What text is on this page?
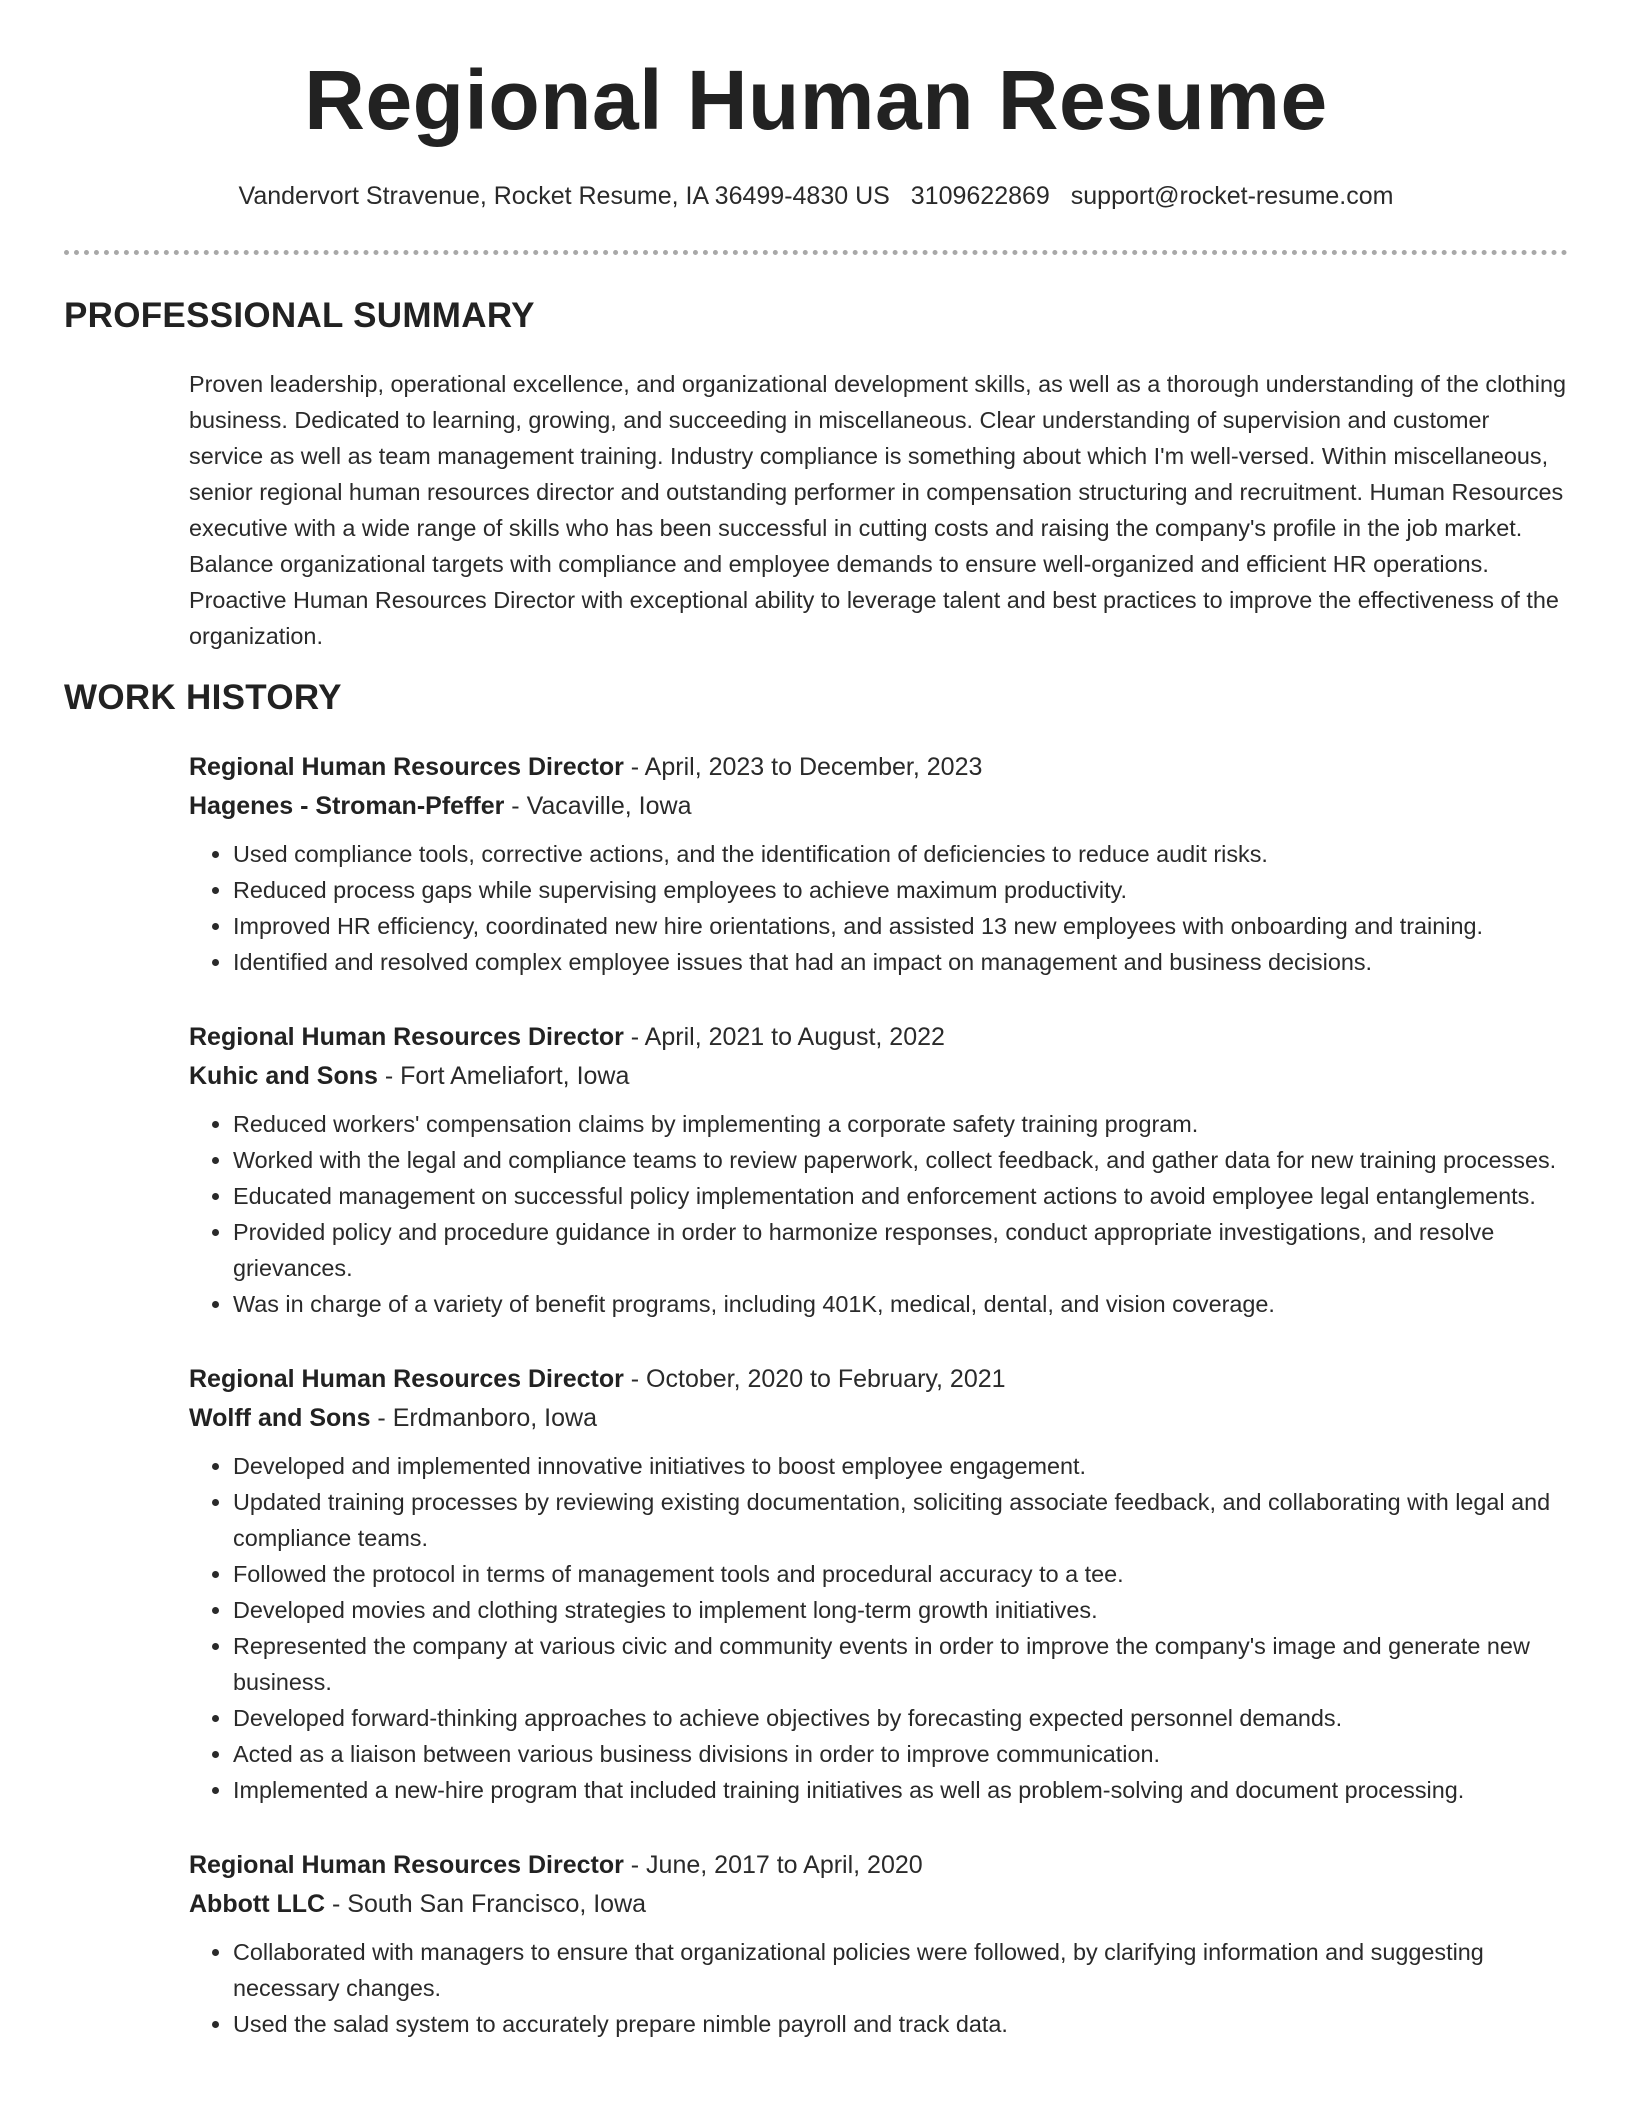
Regional Human Resume
Vandervort Stravenue, Rocket Resume, IA 36499-4830 US 3109622869 support@rocket-resume.com
PROFESSIONAL SUMMARY
Proven leadership, operational excellence, and organizational development skills, as well as a thorough understanding of the clothing business. Dedicated to learning, growing, and succeeding in miscellaneous. Clear understanding of supervision and customer service as well as team management training. Industry compliance is something about which I'm well-versed. Within miscellaneous, senior regional human resources director and outstanding performer in compensation structuring and recruitment. Human Resources executive with a wide range of skills who has been successful in cutting costs and raising the company's profile in the job market. Balance organizational targets with compliance and employee demands to ensure well-organized and efficient HR operations. Proactive Human Resources Director with exceptional ability to leverage talent and best practices to improve the effectiveness of the organization.
WORK HISTORY
Regional Human Resources Director - April, 2023 to December, 2023
Hagenes - Stroman-Pfeffer - Vacaville, Iowa
• Used compliance tools, corrective actions, and the identification of deficiencies to reduce audit risks.
• Reduced process gaps while supervising employees to achieve maximum productivity.
• Improved HR efficiency, coordinated new hire orientations, and assisted 13 new employees with onboarding and training.
• Identified and resolved complex employee issues that had an impact on management and business decisions.
Regional Human Resources Director - April, 2021 to August, 2022
Kuhic and Sons - Fort Ameliafort, Iowa
• Reduced workers' compensation claims by implementing a corporate safety training program.
• Worked with the legal and compliance teams to review paperwork, collect feedback, and gather data for new training processes.
• Educated management on successful policy implementation and enforcement actions to avoid employee legal entanglements.
• Provided policy and procedure guidance in order to harmonize responses, conduct appropriate investigations, and resolve grievances.
• Was in charge of a variety of benefit programs, including 401K, medical, dental, and vision coverage.
Regional Human Resources Director - October, 2020 to February, 2021
Wolff and Sons - Erdmanboro, Iowa
• Developed and implemented innovative initiatives to boost employee engagement.
• Updated training processes by reviewing existing documentation, soliciting associate feedback, and collaborating with legal and compliance teams.
• Followed the protocol in terms of management tools and procedural accuracy to a tee.
• Developed movies and clothing strategies to implement long-term growth initiatives.
• Represented the company at various civic and community events in order to improve the company's image and generate new business.
• Developed forward-thinking approaches to achieve objectives by forecasting expected personnel demands.
• Acted as a liaison between various business divisions in order to improve communication.
• Implemented a new-hire program that included training initiatives as well as problem-solving and document processing.
Regional Human Resources Director - June, 2017 to April, 2020
Abbott LLC - South San Francisco, Iowa
• Collaborated with managers to ensure that organizational policies were followed, by clarifying information and suggesting necessary changes.
• Used the salad system to accurately prepare nimble payroll and track data.
